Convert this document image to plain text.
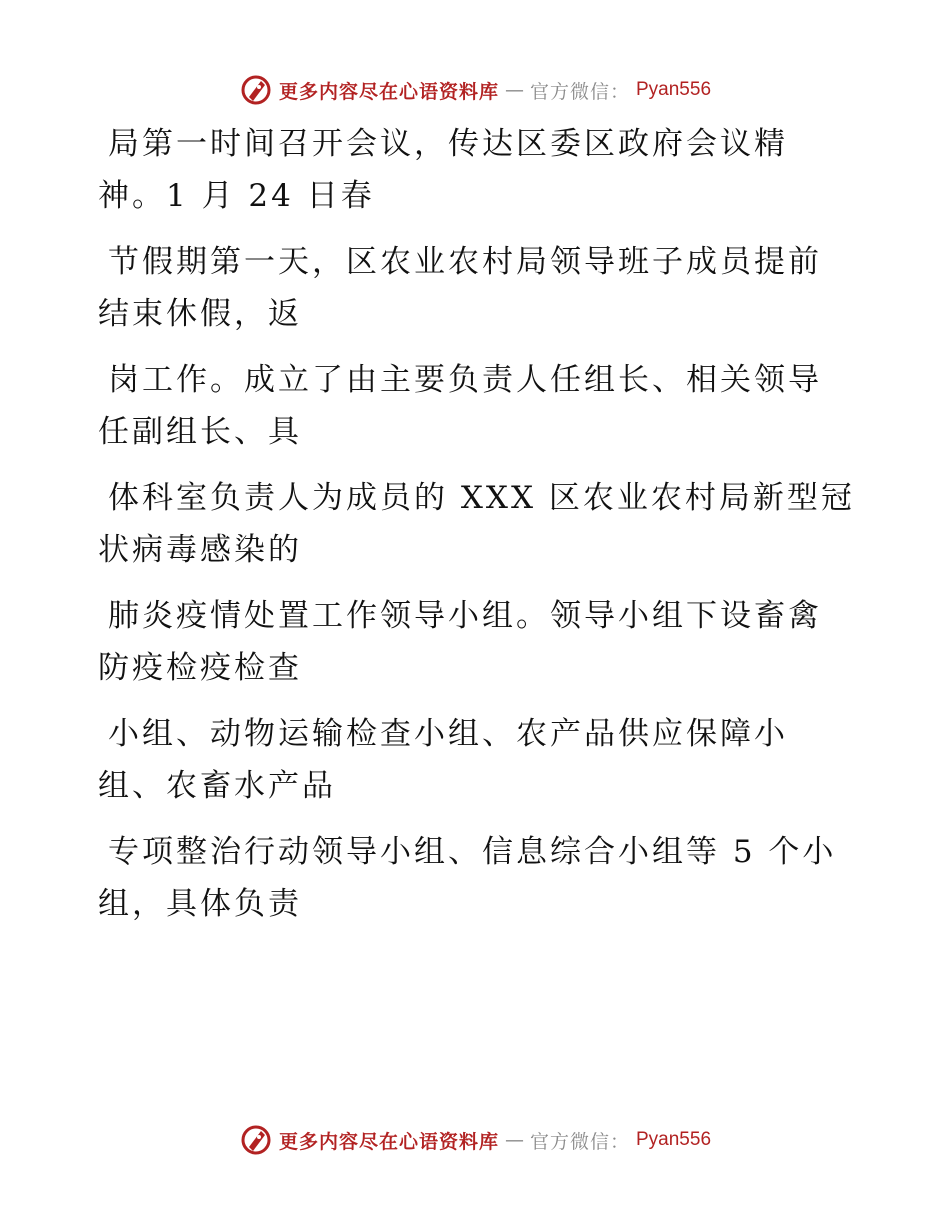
更多内容尽在心语资料库 — 官方微信： Pyan556

局第一时间召开会议，传达区委区政府会议精
神。1 月 24 日春

节假期第一天，区农业农村局领导班子成员提前
结束休假，返

岗工作。成立了由主要负责人任组长、相关领导
任副组长、具

体科室负责人为成员的 XXX 区农业农村局新型冠
状病毒感染的

肺炎疫情处置工作领导小组。领导小组下设畜禽
防疫检疫检查

小组、动物运输检查小组、农产品供应保障小
组、农畜水产品

专项整治行动领导小组、信息综合小组等 5 个小
组，具体负责

更多内容尽在心语资料库 — 官方微信： Pyan556
